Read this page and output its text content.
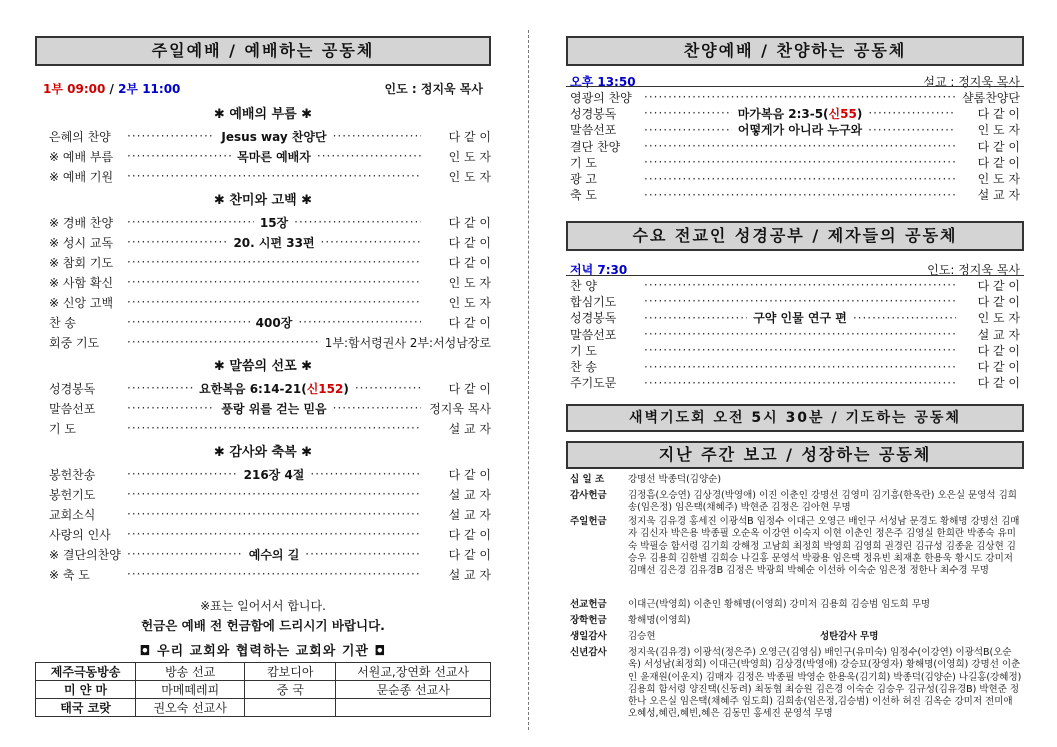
주일예배 / 예배하는 공동체
1부 09:00 / 2부 11:00	인도 : 정지욱 목사
✱ 예배의 부름 ✱
은혜의 찬양 ·····	Jesus way 찬양단 ·····	다 같 이
※ 예배 부름 ·····	목마른 예배자 ·····	인 도 자
※ 예배 기원 ·····	인 도 자
✱ 찬미와 고백 ✱
※ 경배 찬양 ·····	15장 ·····	다 같 이
※ 성시 교독 ·····	20. 시편 33편 ·····	다 같 이
※ 참회 기도 ·····	다 같 이
※ 사함 확신 ·····	인 도 자
※ 신앙 고백 ·····	인 도 자
찬 송 ·····	400장 ·····	다 같 이
회중 기도 ·····	1부:함서령권사 2부:서성남장로
✱ 말씀의 선포 ✱
성경봉독 ·····	요한복음 6:14-21(신152) ·····	다 같 이
말씀선포 ·····	풍랑 위를 걷는 믿음 ·····	정지욱 목사
기 도 ·····	설 교 자
✱ 감사와 축복 ✱
봉헌찬송 ·····	216장 4절 ·····	다 같 이
봉헌기도 ·····	설 교 자
교회소식 ·····	설 교 자
사랑의 인사 ·····	다 같 이
※ 결단의찬양 ·····	예수의 길 ·····	다 같 이
※ 축 도 ·····	설 교 자
※표는 일어서서 합니다.
헌금은 예배 전 헌금함에 드리시기 바랍니다.
◘ 우리 교회와 협력하는 교회와 기관 ◘
제주극동방송	방송 선교	캄보디아	서원교,장연화 선교사
미 얀 마	마메떼레피	중 국	문순종 선교사
태국 코랏	권오숙 선교사		
찬양예배 / 찬양하는 공동체
오후 13:50	설교 : 정지욱 목사
영광의 찬양 ·····	샬롬찬양단
성경봉독 ·····	마가복음 2:3-5(신55) ·····	다 같 이
말씀선포 ·····	어떻게가 아니라 누구와 ·····	인 도 자
결단 찬양 ·····	다 같 이
기 도 ·····	다 같 이
광 고 ·····	인 도 자
축 도 ·····	설 교 자
수요 전교인 성경공부 / 제자들의 공동체
저녁 7:30	인도: 정지욱 목사
찬 양 ·····	다 같 이
합심기도 ·····	다 같 이
성경봉독 ·····	구약 인물 연구 편 ·····	인 도 자
말씀선포 ·····	설 교 자
기 도 ·····	다 같 이
찬 송 ·····	다 같 이
주기도문 ·····	다 같 이
새벽기도회 오전 5시 30분 / 기도하는 공동체
지난 주간 보고 / 성장하는 공동체
십 일 조	강명선 박종덕(김양순)
감사헌금	김정흠(오승연) 김상경(박영애) 이진 이춘인 강명선 김영미 김기흥(한옥란) 오은실 문영석 김희송(임은정) 임은택(채혜주) 박현준 김정은 김아현 무명
주일헌금	정지욱 김유경 홍세진 이광석B 임정수 이대근 오영근 배인구 서성남 문경도 황해명 강명선 김매자 김신자 박은용 박종필 오순옥 이강연 이숙지 이현 이춘인 정은주 김영실 한희란 박종숙 유미숙 박필승 함서령 김기희 강해정 고남희 최정희 박영희 김영희 권경린 김규성 김종윤 김상현 김승우 김용희 김한별 김희승 나길홍 문영석 박광용 임은택 정유빈 최재훈 한용욱 황시도 강미저 김매선 김은경 김유경B 김정은 박광희 박혜순 이선하 이숙순 임은정 정한나 최수경 무명
선교헌금	이대근(박영희) 이춘인 황해명(이영희) 강미저 김용희 김승범 임도희 무명
장학헌금	황해명(이영희)
생일감사	김승현	성탄감사 무명
신년감사	정지욱(김유경) 이광석(정은주) 오영근(김영심) 배인구(유미숙) 임정수(이강연) 이광석B(오순옥) 서성남(최정희) 이대근(박영희) 김상경(박영애) 강승묘(장영자) 황해명(이영희) 강명선 이춘인 윤재원(이운지) 김매자 김정은 박종필 박영순 한용욱(김기희) 박종덕(김양순) 나길홍(강혜정) 김용희 함서령 양진택(신동려) 최동협 최승원 김은경 이숙순 김승우 김규성(김유경B) 박현준 정한나 오은실 임은택(채혜주 임도희) 김희송(임은정,김승범) 이선하 허진 김옥순 강미저 전미애 오혜성,혜린,혜빈,혜은 김동민 홍세진 문영석 무명
